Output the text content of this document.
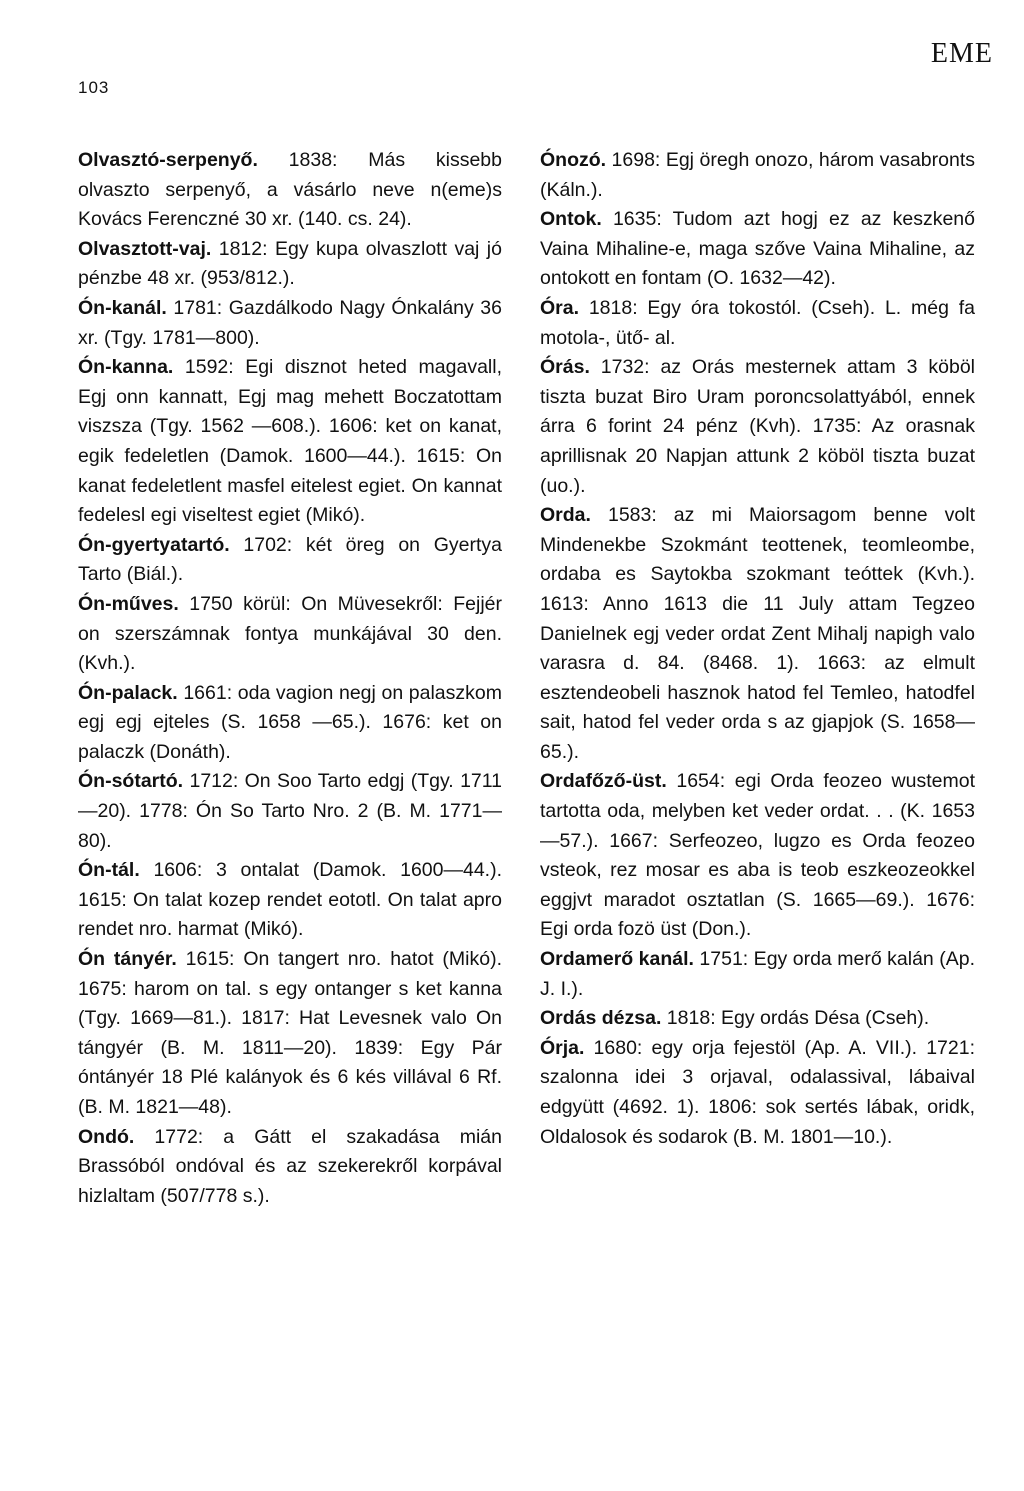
103
EME

Olvasztó-serpenyő. 1838: Más kissebb olvaszto serpenyő, a vásárlo neve n(eme)s Kovács Ferenczné 30 xr. (140. cs. 24).

Olvasztott-vaj. 1812: Egy kupa olvaszlott vaj jó pénzbe 48 xr. (953/812.).

Ón-kanál. 1781: Gazdálkodo Nagy Ónkalány 36 xr. (Tgy. 1781—800).

Ón-kanna. 1592: Egi disznot heted magavall, Egj onn kannatt, Egj mag mehett Boczatottam viszsza (Tgy. 1562 —608.). 1606: ket on kanat, egik fedeletlen (Damok. 1600—44.). 1615: On kanat fedeletlent masfel eitelest egiet. On kannat fedelesl egi viseltest egiet (Mikó).

Ón-gyertyatartó. 1702: két öreg on Gyertya Tarto (Biál.).

Ón-műves. 1750 körül: On Müvesekről: Fejjér on szerszámnak fontya munkájával 30 den. (Kvh.).

Ón-palack. 1661: oda vagion negj on palaszkom egj egj ejteles (S. 1658 —65.). 1676: ket on palaczk (Donáth).

Ón-sótartó. 1712: On Soo Tarto edgj (Tgy. 1711—20). 1778: Ón So Tarto Nro. 2 (B. M. 1771—80).

Ón-tál. 1606: 3 ontalat (Damok. 1600—44.). 1615: On talat kozep rendet eototl. On talat apro rendet nro. harmat (Mikó).

Ón tányér. 1615: On tangert nro. hatot (Mikó). 1675: harom on tal. s egy ontanger s ket kanna (Tgy. 1669—81.). 1817: Hat Levesnek valo On tángyér (B. M. 1811—20). 1839: Egy Pár óntányér 18 Plé kalányok és 6 kés villával 6 Rf. (B. M. 1821—48).

Ondó. 1772: a Gátt el szakadása mián Brassóból ondóval és az szekerekről korpával hizlaltam (507/778 s.).

Ónozó. 1698: Egj öregh onozo, három vasabronts (Káln.).

Ontok. 1635: Tudom azt hogj ez az keszkenő Vaina Mihaline-e, maga szőve Vaina Mihaline, az ontokott en fontam (O. 1632—42).

Óra. 1818: Egy óra tokostól. (Cseh). L. még fa motola-, ütő- al.

Órás. 1732: az Orás mesternek attam 3 köböl tiszta buzat Biro Uram poroncsolattyából, ennek árra 6 forint 24 pénz (Kvh). 1735: Az orasnak aprillisnak 20 Napjan attunk 2 köböl tiszta buzat (uo.).

Orda. 1583: az mi Maiorsagom benne volt Mindenekbe Szokmánt teottenek, teomleombe, ordaba es Saytokba szokmant teóttek (Kvh.). 1613: Anno 1613 die 11 July attam Tegzeo Danielnek egj veder ordat Zent Mihalj napigh valo varasra d. 84. (8468. 1). 1663: az elmult esztendeobeli hasznok hatod fel Temleo, hatodfel sait, hatod fel veder orda s az gjapjok (S. 1658—65.).

Ordafőző-üst. 1654: egi Orda feozeo wustemot tartotta oda, melyben ket veder ordat. . . (K. 1653—57.). 1667: Serfeozeo, lugzo es Orda feozeo vsteok, rez mosar es aba is teob eszkeozeokkel eggjvt maradot osztatlan (S. 1665—69.). 1676: Egi orda fozö üst (Don.).

Ordamerő kanál. 1751: Egy orda merő kalán (Ap. J. I.).

Ordás dézsa. 1818: Egy ordás Désa (Cseh).

Órja. 1680: egy orja fejestöl (Ap. A. VII.). 1721: szalonna idei 3 orjaval, odalassival, lábaival edgyütt (4692. 1). 1806: sok sertés lábak, oridk, Oldalosok és sodarok (B. M. 1801—10.).
